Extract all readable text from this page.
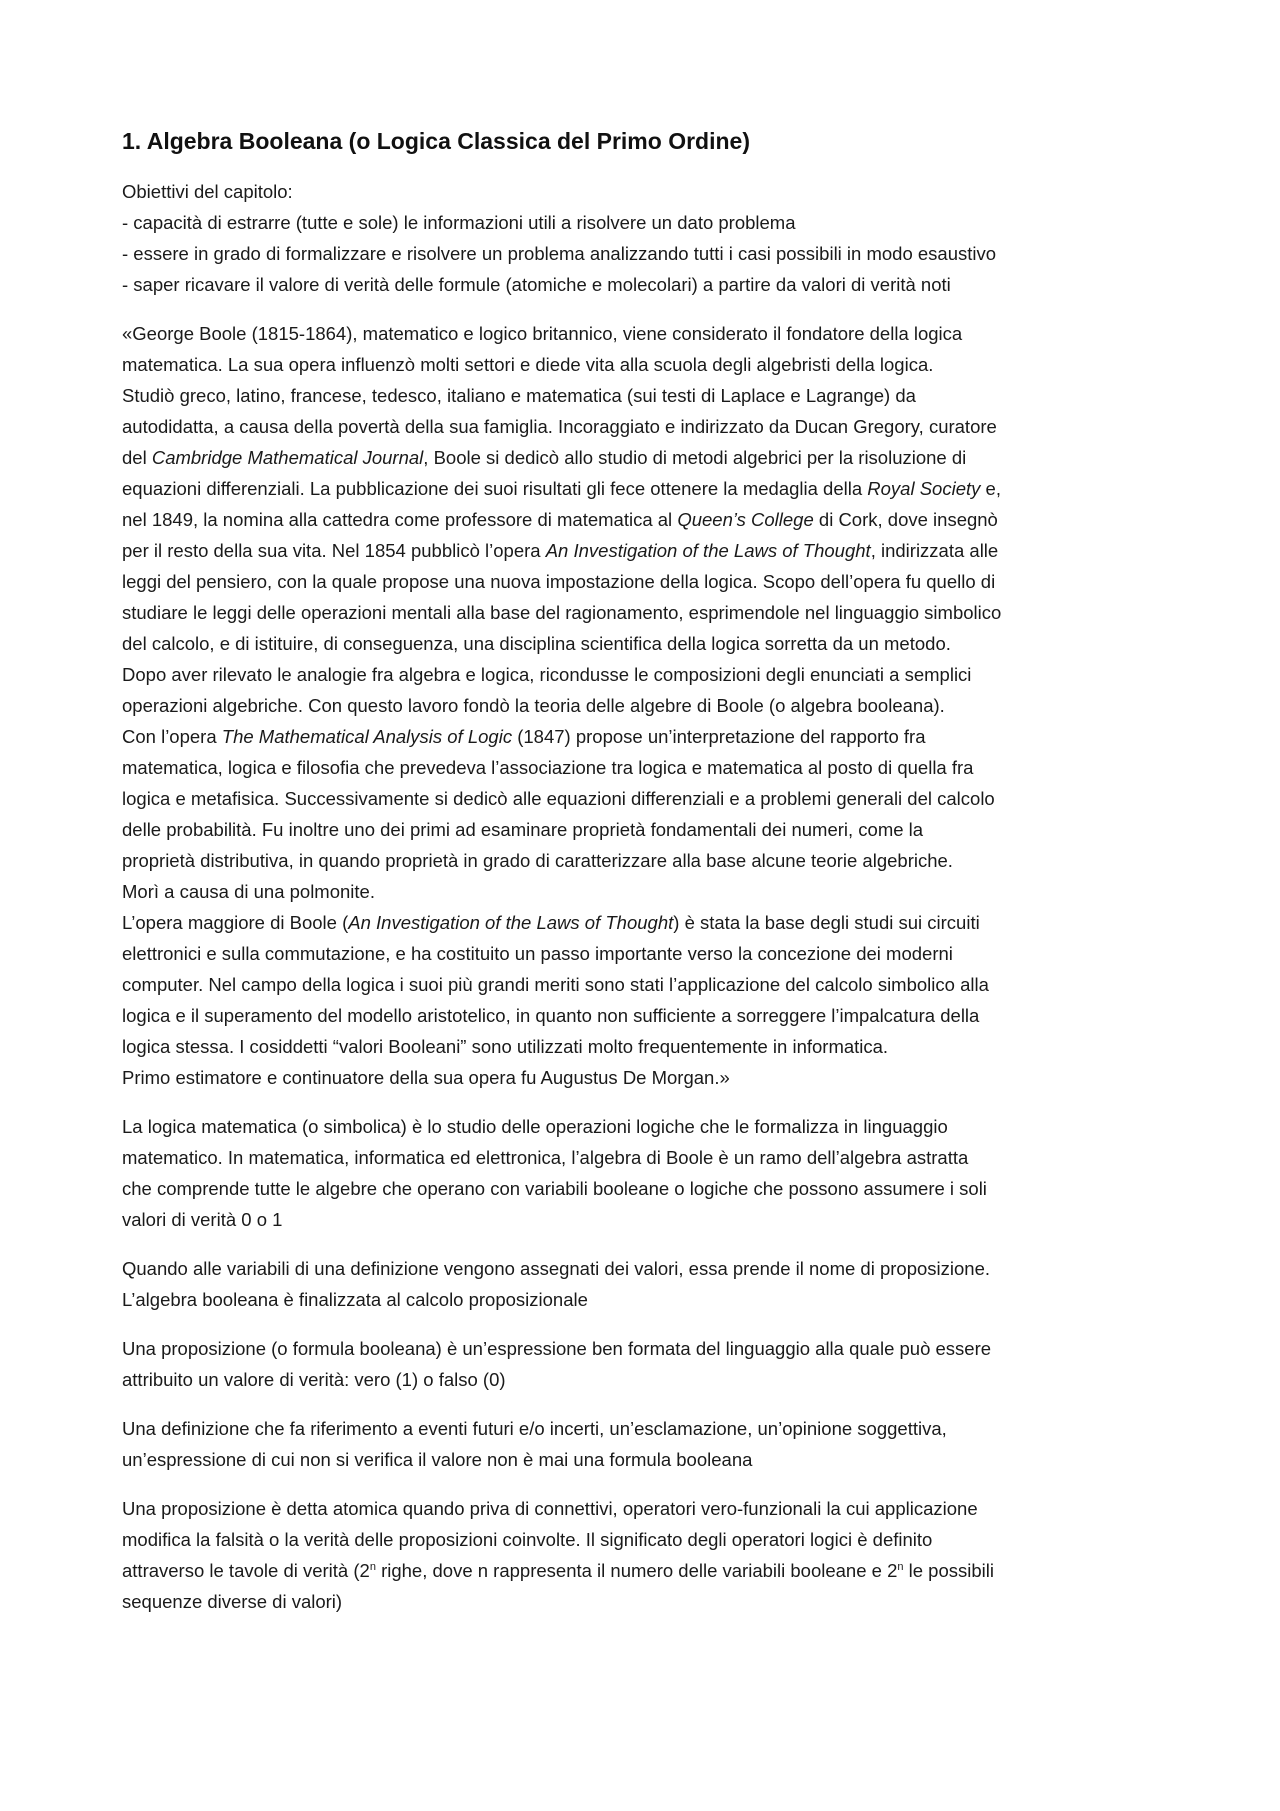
1. Algebra Booleana (o Logica Classica del Primo Ordine)
Obiettivi del capitolo:
- capacità di estrarre (tutte e sole) le informazioni utili a risolvere un dato problema
- essere in grado di formalizzare e risolvere un problema analizzando tutti i casi possibili in modo esaustivo
- saper ricavare il valore di verità delle formule (atomiche e molecolari) a partire da valori di verità noti
«George Boole (1815-1864), matematico e logico britannico, viene considerato il fondatore della logica
matematica. La sua opera influenzò molti settori e diede vita alla scuola degli algebristi della logica.
Studiò greco, latino, francese, tedesco, italiano e matematica (sui testi di Laplace e Lagrange) da
autodidatta, a causa della povertà della sua famiglia. Incoraggiato e indirizzato da Ducan Gregory, curatore
del Cambridge Mathematical Journal, Boole si dedicò allo studio di metodi algebrici per la risoluzione di
equazioni differenziali. La pubblicazione dei suoi risultati gli fece ottenere la medaglia della Royal Society e,
nel 1849, la nomina alla cattedra come professore di matematica al Queen’s College di Cork, dove insegnò
per il resto della sua vita. Nel 1854 pubblicò l’opera An Investigation of the Laws of Thought, indirizzata alle
leggi del pensiero, con la quale propose una nuova impostazione della logica. Scopo dell’opera fu quello di
studiare le leggi delle operazioni mentali alla base del ragionamento, esprimendole nel linguaggio simbolico
del calcolo, e di istituire, di conseguenza, una disciplina scientifica della logica sorretta da un metodo.
Dopo aver rilevato le analogie fra algebra e logica, ricondusse le composizioni degli enunciati a semplici
operazioni algebriche. Con questo lavoro fondò la teoria delle algebre di Boole (o algebra booleana).
Con l’opera The Mathematical Analysis of Logic (1847) propose un’interpretazione del rapporto fra
matematica, logica e filosofia che prevedeva l’associazione tra logica e matematica al posto di quella fra
logica e metafisica. Successivamente si dedicò alle equazioni differenziali e a problemi generali del calcolo
delle probabilità. Fu inoltre uno dei primi ad esaminare proprietà fondamentali dei numeri, come la
proprietà distributiva, in quando proprietà in grado di caratterizzare alla base alcune teorie algebriche.
Morì a causa di una polmonite.
L’opera maggiore di Boole (An Investigation of the Laws of Thought) è stata la base degli studi sui circuiti
elettronici e sulla commutazione, e ha costituito un passo importante verso la concezione dei moderni
computer. Nel campo della logica i suoi più grandi meriti sono stati l’applicazione del calcolo simbolico alla
logica e il superamento del modello aristotelico, in quanto non sufficiente a sorreggere l’impalcatura della
logica stessa. I cosiddetti “valori Booleani” sono utilizzati molto frequentemente in informatica.
Primo estimatore e continuatore della sua opera fu Augustus De Morgan.»
La logica matematica (o simbolica) è lo studio delle operazioni logiche che le formalizza in linguaggio
matematico. In matematica, informatica ed elettronica, l’algebra di Boole è un ramo dell’algebra astratta
che comprende tutte le algebre che operano con variabili booleane o logiche che possono assumere i soli
valori di verità 0 o 1
Quando alle variabili di una definizione vengono assegnati dei valori, essa prende il nome di proposizione.
L’algebra booleana è finalizzata al calcolo proposizionale
Una proposizione (o formula booleana) è un’espressione ben formata del linguaggio alla quale può essere
attribuito un valore di verità: vero (1) o falso (0)
Una definizione che fa riferimento a eventi futuri e/o incerti, un’esclamazione, un’opinione soggettiva,
un’espressione di cui non si verifica il valore non è mai una formula booleana
Una proposizione è detta atomica quando priva di connettivi, operatori vero-funzionali la cui applicazione
modifica la falsità o la verità delle proposizioni coinvolte. Il significato degli operatori logici è definito
attraverso le tavole di verità (2$^n$ righe, dove n rappresenta il numero delle variabili booleane e 2$^n$ le possibili
sequenze diverse di valori)
